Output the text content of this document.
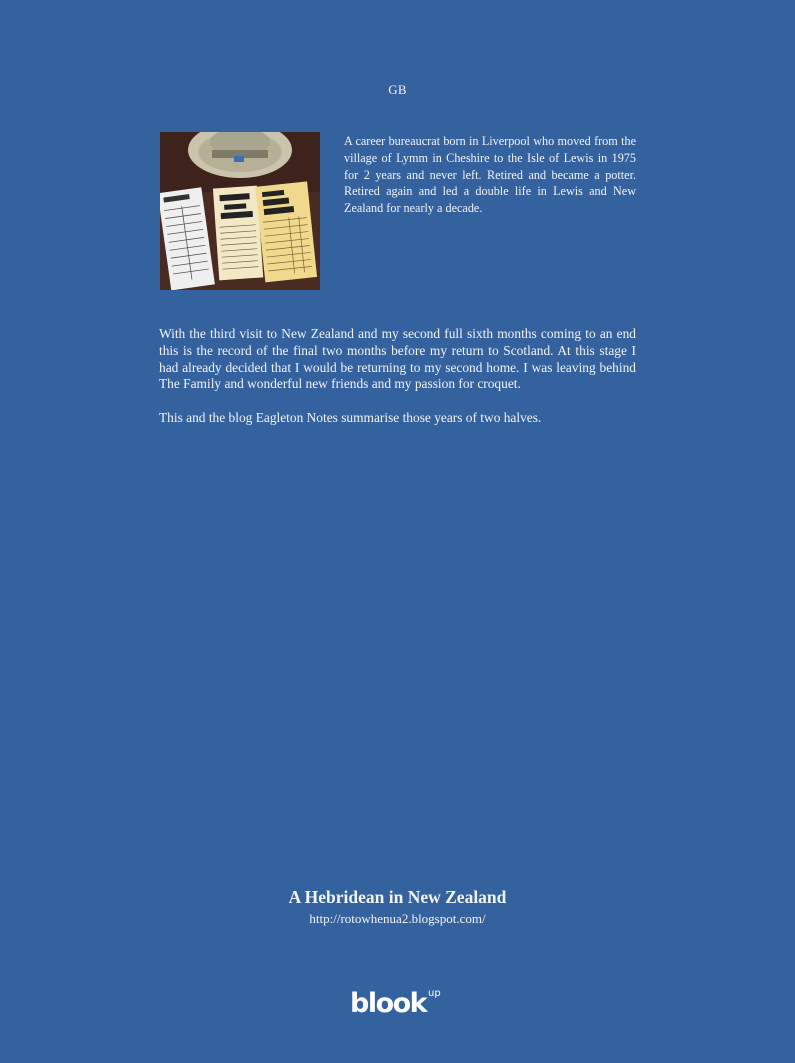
GB

A career bureaucrat born in Liverpool who moved from the village of Lymm in Cheshire to the Isle of Lewis in 1975 for 2 years and never left. Retired and became a potter. Retired again and led a double life in Lewis and New Zealand for nearly a decade.

With the third visit to New Zealand and my second full sixth months coming to an end this is the record of the final two months before my return to Scotland. At this stage I had already decided that I would be returning to my second home. I was leaving behind The Family and wonderful new friends and my passion for croquet.

This and the blog Eagleton Notes summarise those years of two halves.

A Hebridean in New Zealand
http://rotowhenua2.blogspot.com/
blook up
